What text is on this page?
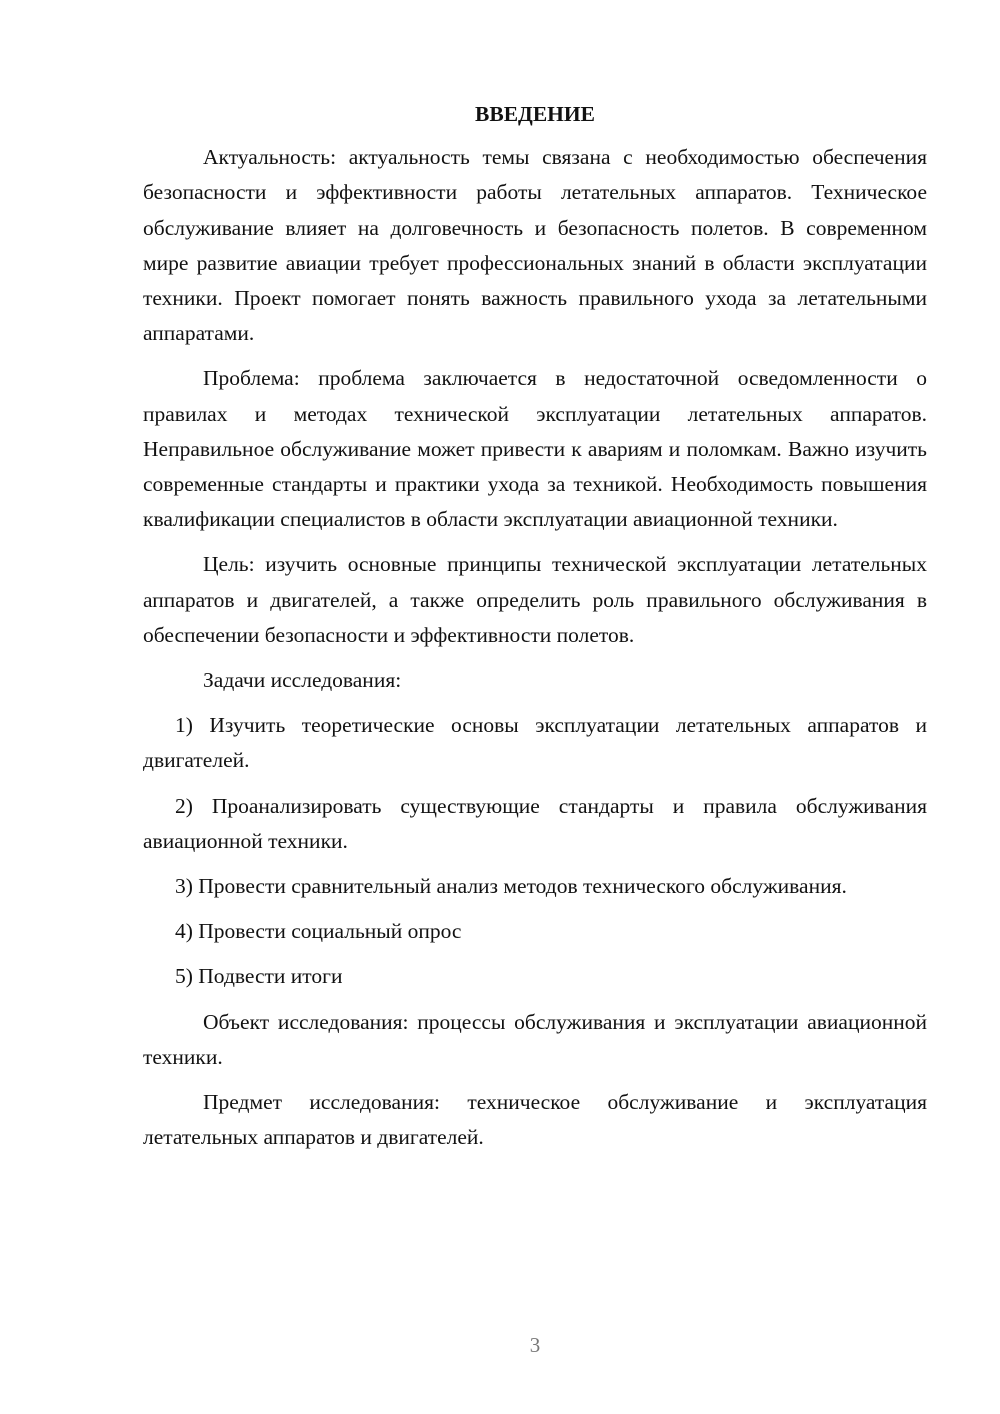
ВВЕДЕНИЕ

Актуальность: актуальность темы связана с необходимостью обеспечения безопасности и эффективности работы летательных аппаратов. Техническое обслуживание влияет на долговечность и безопасность полетов. В современном мире развитие авиации требует профессиональных знаний в области эксплуатации техники. Проект помогает понять важность правильного ухода за летательными аппаратами.

Проблема: проблема заключается в недостаточной осведомленности о правилах и методах технической эксплуатации летательных аппаратов. Неправильное обслуживание может привести к авариям и поломкам. Важно изучить современные стандарты и практики ухода за техникой. Необходимость повышения квалификации специалистов в области эксплуатации авиационной техники.

Цель: изучить основные принципы технической эксплуатации летательных аппаратов и двигателей, а также определить роль правильного обслуживания в обеспечении безопасности и эффективности полетов.

Задачи исследования:

1) Изучить теоретические основы эксплуатации летательных аппаратов и двигателей.

2) Проанализировать существующие стандарты и правила обслуживания авиационной техники.

3) Провести сравнительный анализ методов технического обслуживания.

4) Провести социальный опрос

5) Подвести итоги

Объект исследования: процессы обслуживания и эксплуатации авиационной техники.

Предмет исследования: техническое обслуживание и эксплуатация летательных аппаратов и двигателей.

3
